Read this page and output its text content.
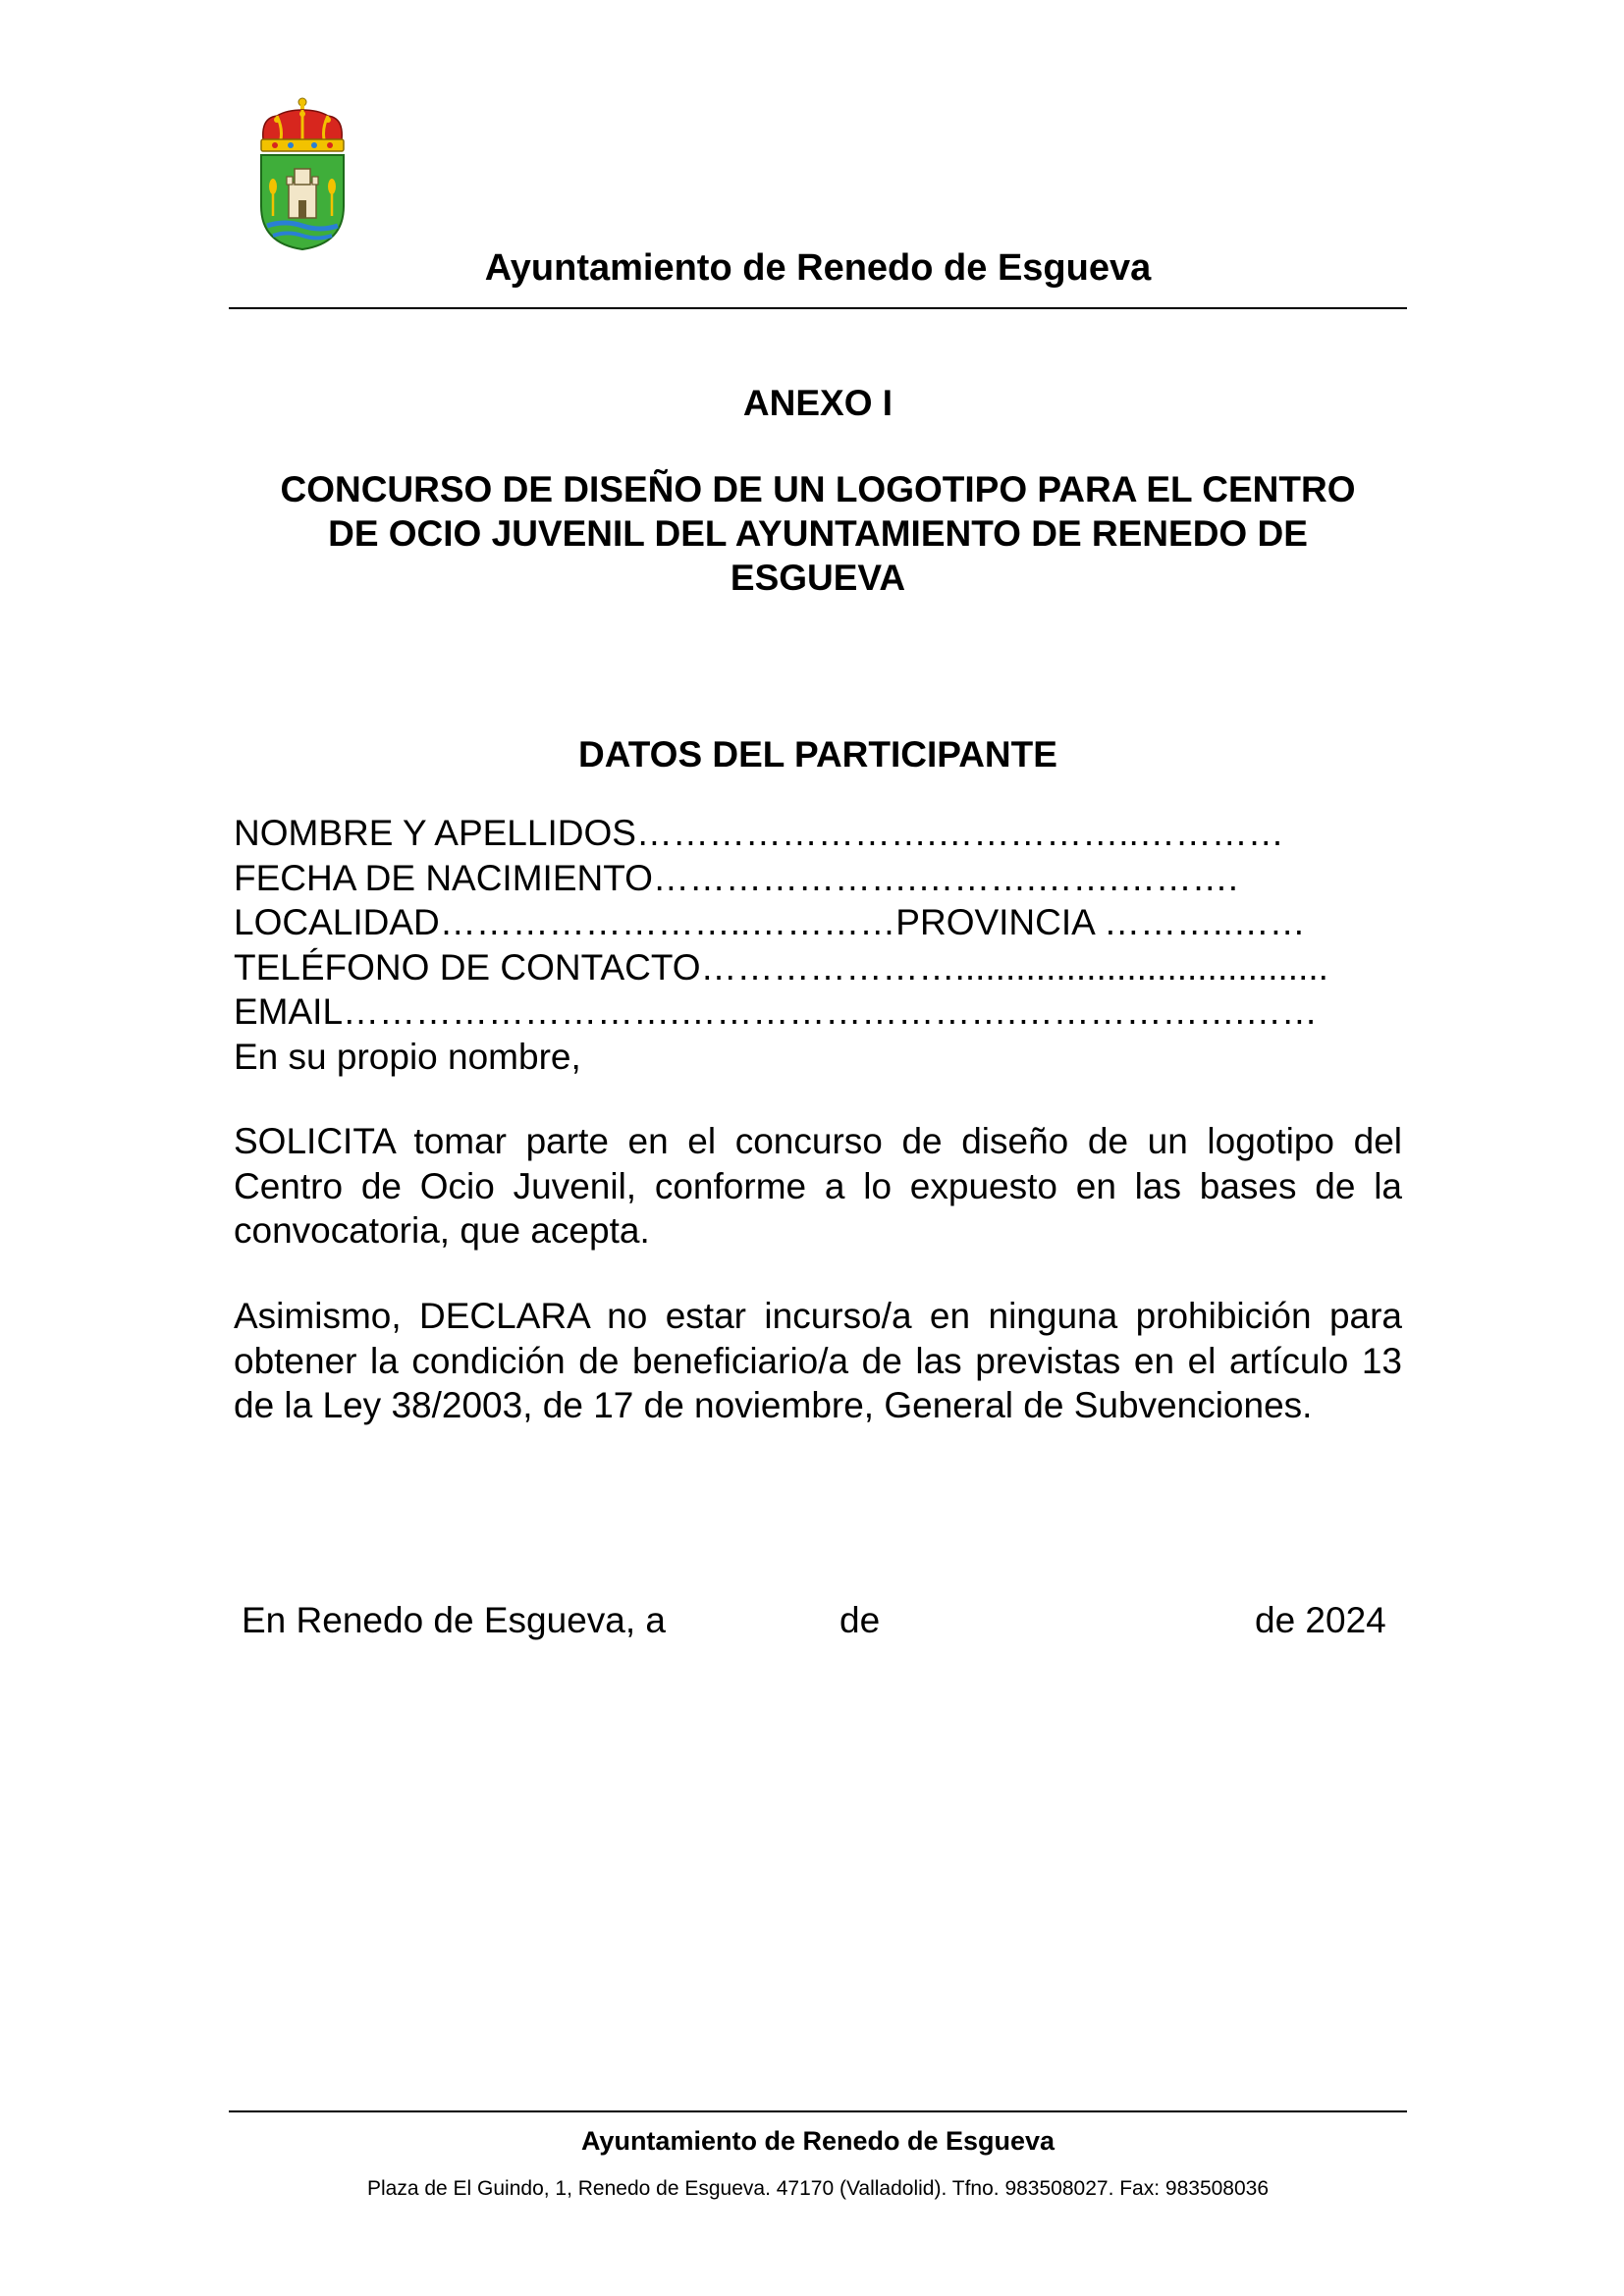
Ayuntamiento de Renedo de Esgueva
ANEXO I
CONCURSO DE DISEÑO DE UN LOGOTIPO PARA EL CENTRO
DE OCIO JUVENIL DEL AYUNTAMIENTO DE RENEDO DE
ESGUEVA
DATOS DEL PARTICIPANTE
NOMBRE Y APELLIDOS…………………….……………..…………
FECHA DE NACIMIENTO………………….……….…….……….
LOCALIDAD……………………..…………PROVINCIA ………..……
TELÉFONO DE CONTACTO………………….....................................
EMAIL……………………….……………………….……………….……
En su propio nombre,
SOLICITA tomar parte en el concurso de diseño de un logotipo del Centro de Ocio Juvenil, conforme a lo expuesto en las bases de la convocatoria, que acepta.
Asimismo, DECLARA no estar incurso/a en ninguna prohibición para obtener la condición de beneficiario/a de las previstas en el artículo 13 de la Ley 38/2003, de 17 de noviembre, General de Subvenciones.
En Renedo de Esgueva, a	de	de 2024
Ayuntamiento de Renedo de Esgueva
Plaza de El Guindo, 1, Renedo de Esgueva. 47170 (Valladolid). Tfno. 983508027. Fax: 983508036
